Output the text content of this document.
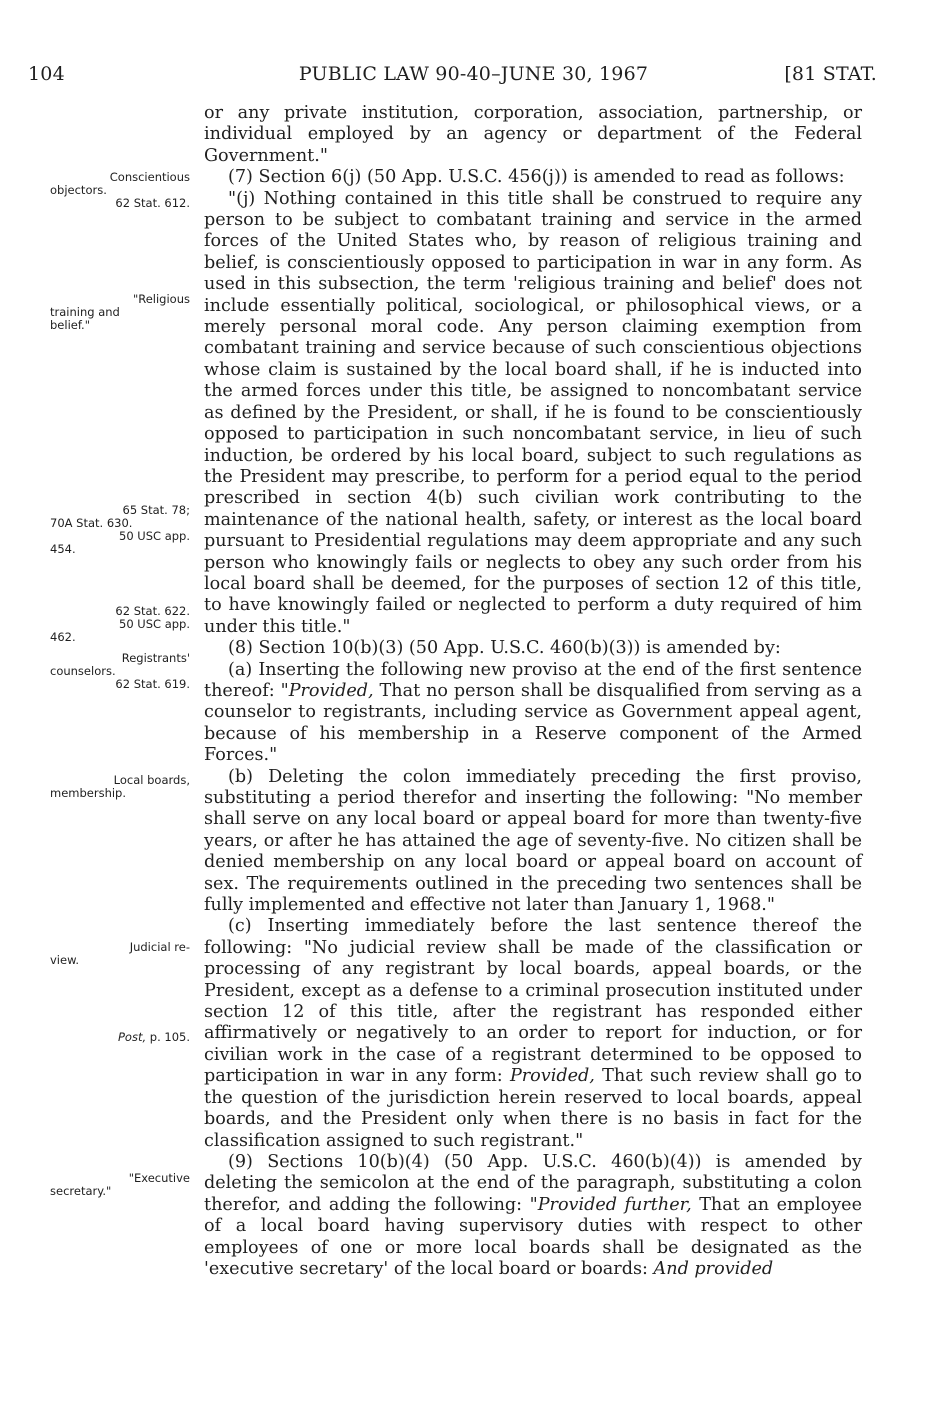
104	PUBLIC LAW 90-40–JUNE 30, 1967	[81 STAT.
Conscientious
objectors.
62 Stat. 612.
"Religious
training and
belief."
65 Stat. 78;
70A Stat. 630.
50 USC app.
454.
62 Stat. 622.
50 USC app.
462.
Registrants'
counselors.
62 Stat. 619.
Local boards,
membership.
Judicial re-
view.
Post, p. 105.
"Executive
secretary."

or any private institution, corporation, association, partnership, or individual employed by an agency or department of the Federal Government."

(7) Section 6(j) (50 App. U.S.C. 456(j)) is amended to read as follows:

"(j) Nothing contained in this title shall be construed to require any person to be subject to combatant training and service in the armed forces of the United States who, by reason of religious training and belief, is conscientiously opposed to participation in war in any form. As used in this subsection, the term 'religious training and belief' does not include essentially political, sociological, or philosophical views, or a merely personal moral code. Any person claiming exemption from combatant training and service because of such conscientious objections whose claim is sustained by the local board shall, if he is inducted into the armed forces under this title, be assigned to noncombatant service as defined by the President, or shall, if he is found to be conscientiously opposed to participation in such noncombatant service, in lieu of such induction, be ordered by his local board, subject to such regulations as the President may prescribe, to perform for a period equal to the period prescribed in section 4(b) such civilian work contributing to the maintenance of the national health, safety, or interest as the local board pursuant to Presidential regulations may deem appropriate and any such person who knowingly fails or neglects to obey any such order from his local board shall be deemed, for the purposes of section 12 of this title, to have knowingly failed or neglected to perform a duty required of him under this title."

(8) Section 10(b)(3) (50 App. U.S.C. 460(b)(3)) is amended by:

(a) Inserting the following new proviso at the end of the first sentence thereof: "Provided, That no person shall be disqualified from serving as a counselor to registrants, including service as Government appeal agent, because of his membership in a Reserve component of the Armed Forces."

(b) Deleting the colon immediately preceding the first proviso, substituting a period therefor and inserting the following: "No member shall serve on any local board or appeal board for more than twenty-five years, or after he has attained the age of seventy-five. No citizen shall be denied membership on any local board or appeal board on account of sex. The requirements outlined in the preceding two sentences shall be fully implemented and effective not later than January 1, 1968."

(c) Inserting immediately before the last sentence thereof the following: "No judicial review shall be made of the classification or processing of any registrant by local boards, appeal boards, or the President, except as a defense to a criminal prosecution instituted under section 12 of this title, after the registrant has responded either affirmatively or negatively to an order to report for induction, or for civilian work in the case of a registrant determined to be opposed to participation in war in any form: Provided, That such review shall go to the question of the jurisdiction herein reserved to local boards, appeal boards, and the President only when there is no basis in fact for the classification assigned to such registrant."

(9) Sections 10(b)(4) (50 App. U.S.C. 460(b)(4)) is amended by deleting the semicolon at the end of the paragraph, substituting a colon therefor, and adding the following: "Provided further, That an employee of a local board having supervisory duties with respect to other employees of one or more local boards shall be designated as the 'executive secretary' of the local board or boards: And provided
